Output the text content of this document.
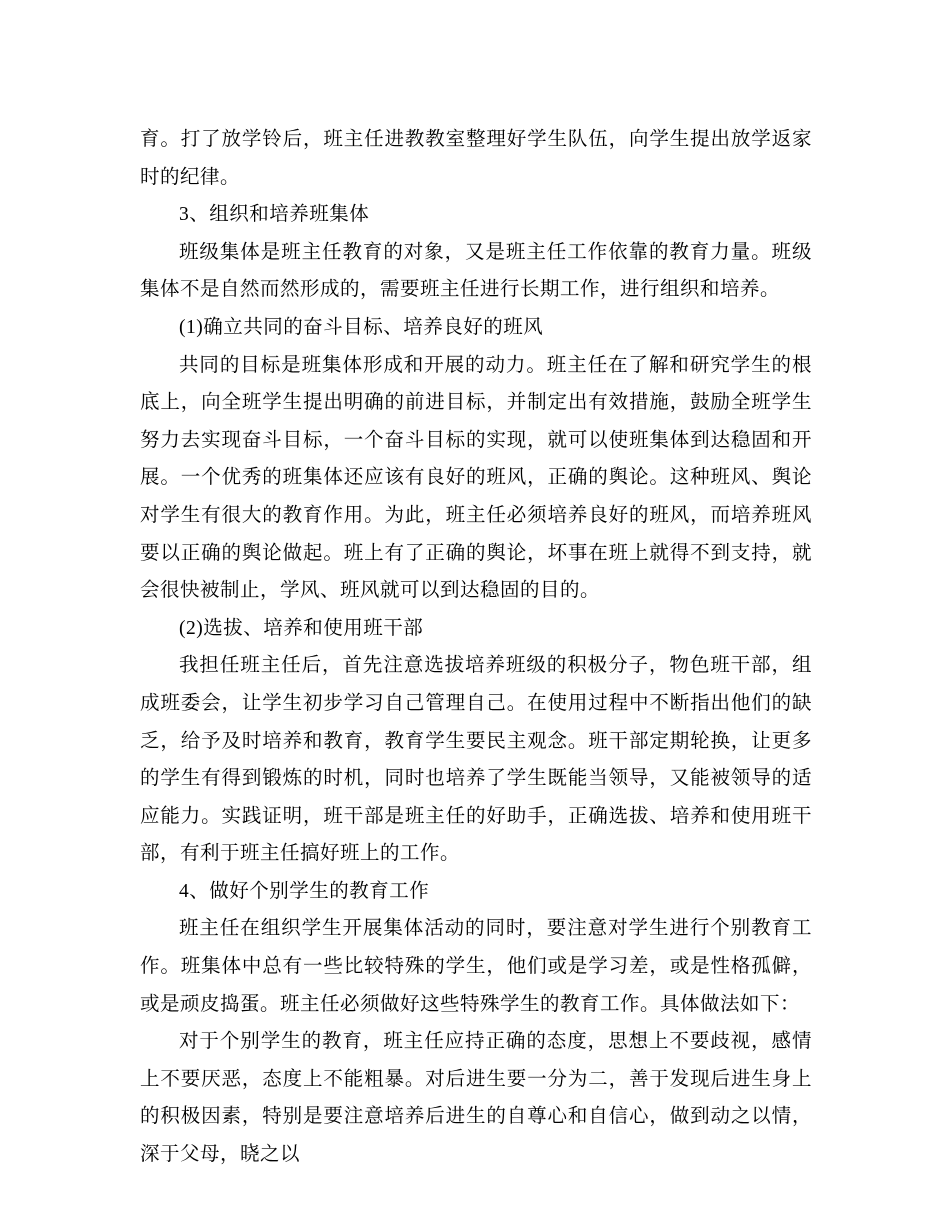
育。打了放学铃后，班主任进教教室整理好学生队伍，向学生提出放学返家时的纪律。

3、组织和培养班集体

班级集体是班主任教育的对象，又是班主任工作依靠的教育力量。班级集体不是自然而然形成的，需要班主任进行长期工作，进行组织和培养。

(1)确立共同的奋斗目标、培养良好的班风

共同的目标是班集体形成和开展的动力。班主任在了解和研究学生的根底上，向全班学生提出明确的前进目标，并制定出有效措施，鼓励全班学生努力去实现奋斗目标，一个奋斗目标的实现，就可以使班集体到达稳固和开展。一个优秀的班集体还应该有良好的班风，正确的舆论。这种班风、舆论对学生有很大的教育作用。为此，班主任必须培养良好的班风，而培养班风要以正确的舆论做起。班上有了正确的舆论，坏事在班上就得不到支持，就会很快被制止，学风、班风就可以到达稳固的目的。

(2)选拔、培养和使用班干部

我担任班主任后，首先注意选拔培养班级的积极分子，物色班干部，组成班委会，让学生初步学习自己管理自己。在使用过程中不断指出他们的缺乏，给予及时培养和教育，教育学生要民主观念。班干部定期轮换，让更多的学生有得到锻炼的时机，同时也培养了学生既能当领导，又能被领导的适应能力。实践证明，班干部是班主任的好助手，正确选拔、培养和使用班干部，有利于班主任搞好班上的工作。

4、做好个别学生的教育工作

班主任在组织学生开展集体活动的同时，要注意对学生进行个别教育工作。班集体中总有一些比较特殊的学生，他们或是学习差，或是性格孤僻，或是顽皮捣蛋。班主任必须做好这些特殊学生的教育工作。具体做法如下：

对于个别学生的教育，班主任应持正确的态度，思想上不要歧视，感情上不要厌恶，态度上不能粗暴。对后进生要一分为二，善于发现后进生身上的积极因素，特别是要注意培养后进生的自尊心和自信心，做到动之以情，深于父母，晓之以
